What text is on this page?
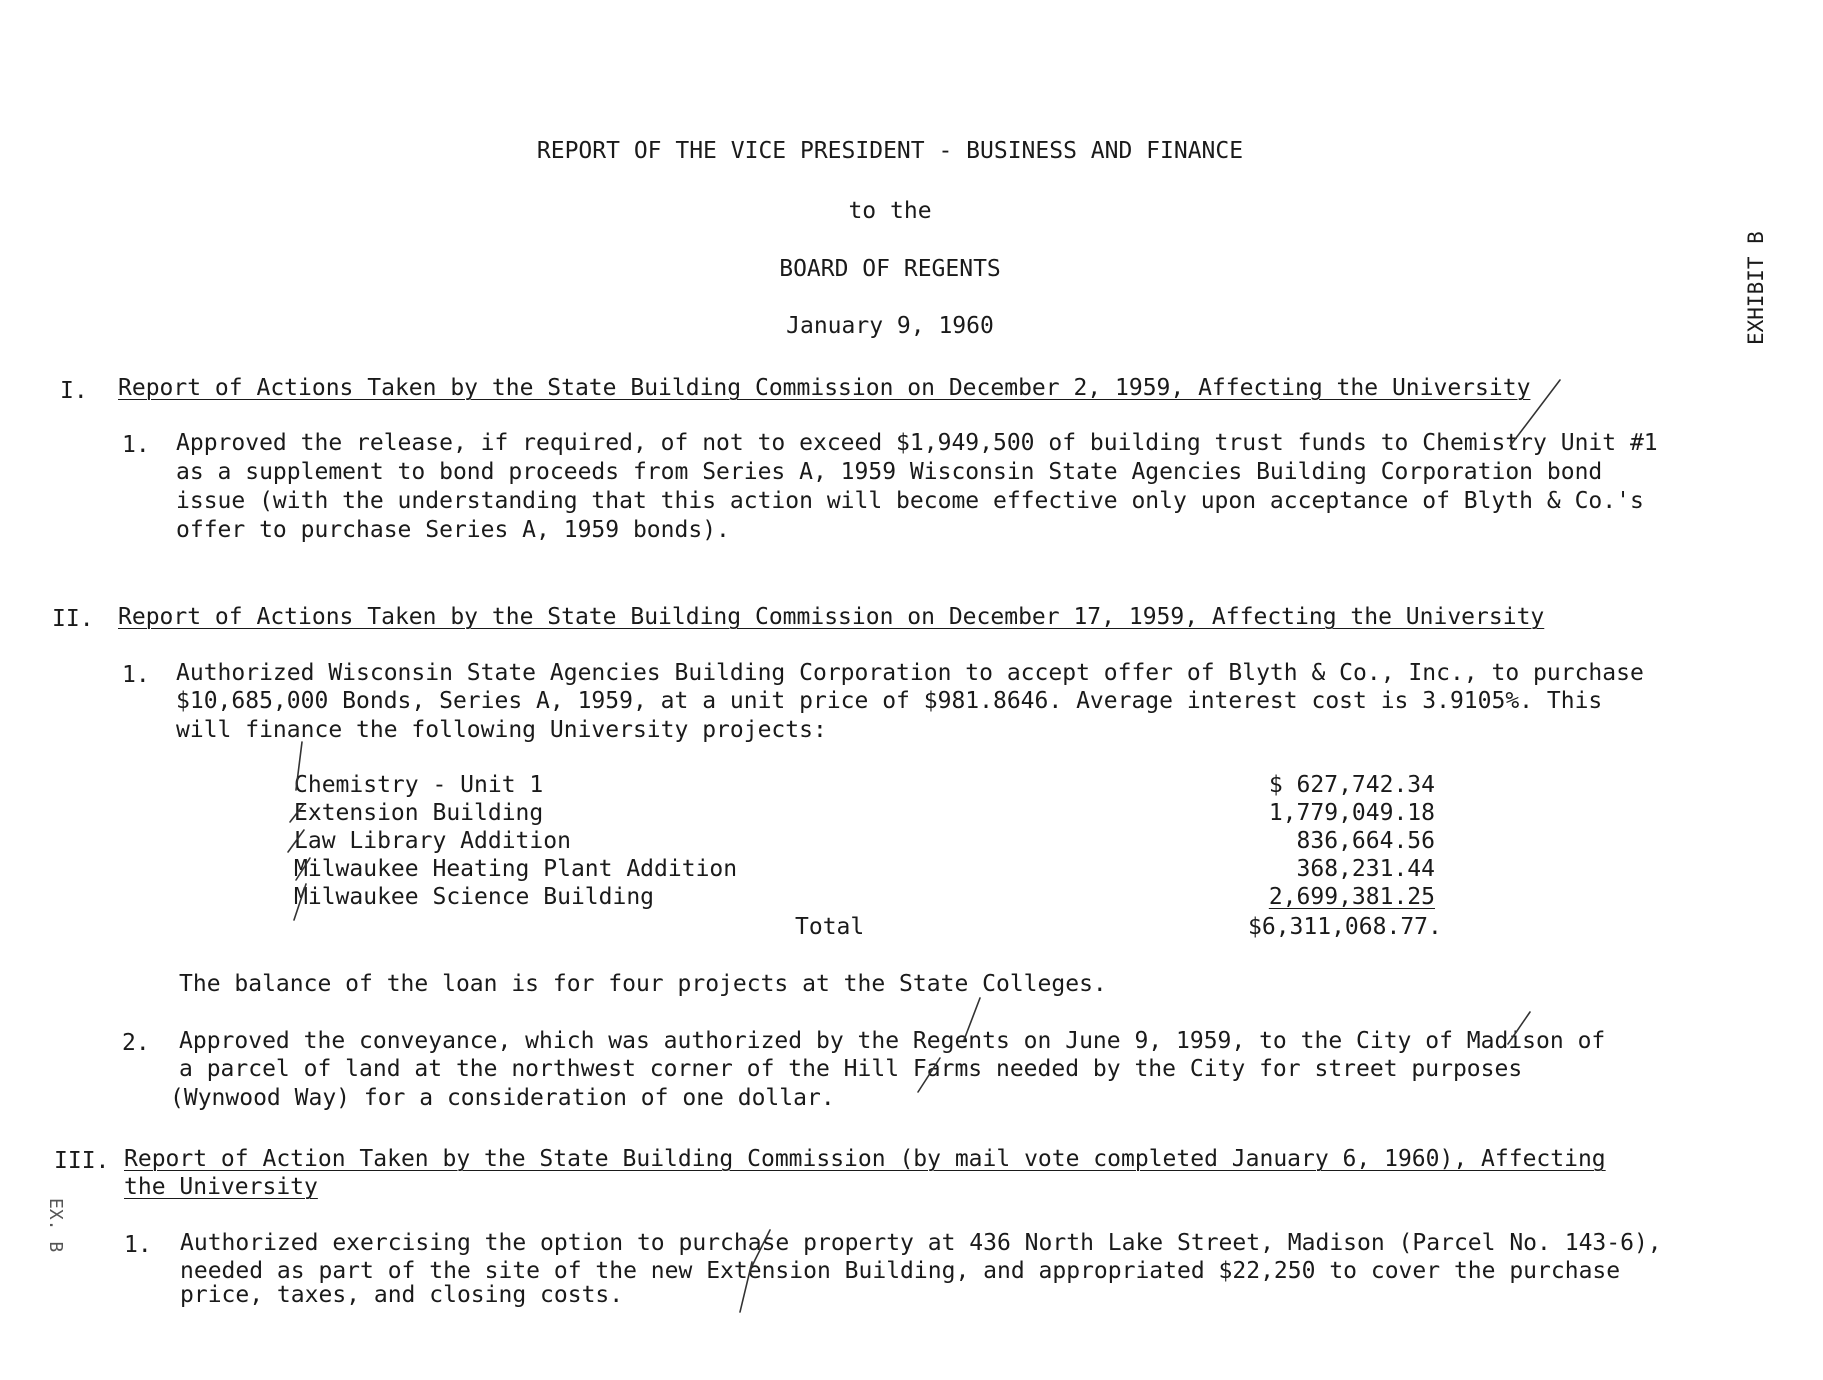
REPORT OF THE VICE PRESIDENT - BUSINESS AND FINANCE
to the
BOARD OF REGENTS
January 9, 1960	EXHIBIT B
EX. B
I. Report of Actions Taken by the State Building Commission on December 2, 1959, Affecting the University
1. Approved the release, if required, of not to exceed $1,949,500 of building trust funds to Chemistry Unit #1
as a supplement to bond proceeds from Series A, 1959 Wisconsin State Agencies Building Corporation bond
issue (with the understanding that this action will become effective only upon acceptance of Blyth & Co.'s
offer to purchase Series A, 1959 bonds).
II. Report of Actions Taken by the State Building Commission on December 17, 1959, Affecting the University
1. Authorized Wisconsin State Agencies Building Corporation to accept offer of Blyth & Co., Inc., to purchase
$10,685,000 Bonds, Series A, 1959, at a unit price of $981.8646. Average interest cost is 3.9105%. This
will finance the following University projects:
Chemistry - Unit 1	$ 627,742.34
Extension Building	1,779,049.18
Law Library Addition	836,664.56
Milwaukee Heating Plant Addition	368,231.44
Milwaukee Science Building	2,699,381.25
Total	$6,311,068.77.
The balance of the loan is for four projects at the State Colleges.
2. Approved the conveyance, which was authorized by the Regents on June 9, 1959, to the City of Madison of
a parcel of land at the northwest corner of the Hill Farms needed by the City for street purposes
(Wynwood Way) for a consideration of one dollar.
III. Report of Action Taken by the State Building Commission (by mail vote completed January 6, 1960), Affecting
the University
1. Authorized exercising the option to purchase property at 436 North Lake Street, Madison (Parcel No. 143-6),
needed as part of the site of the new Extension Building, and appropriated $22,250 to cover the purchase
price, taxes, and closing costs.
